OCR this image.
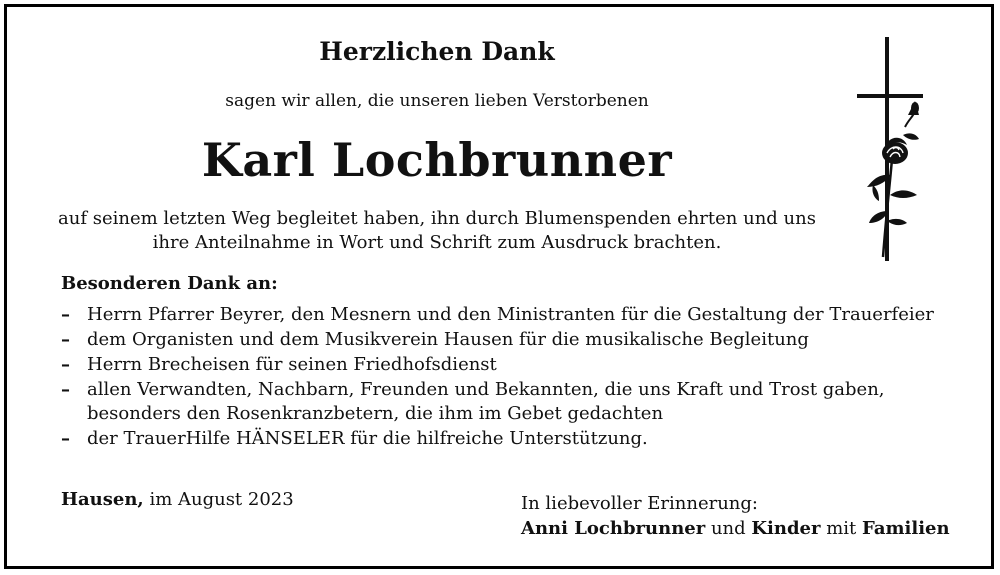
Herzlichen Dank
sagen wir allen, die unseren lieben Verstorbenen
Karl Lochbrunner
auf seinem letzten Weg begleitet haben, ihn durch Blumenspenden ehrten und uns
ihre Anteilnahme in Wort und Schrift zum Ausdruck brachten.
Besonderen Dank an:
– Herrn Pfarrer Beyrer, den Mesnern und den Ministranten für die Gestaltung der Trauerfeier
– dem Organisten und dem Musikverein Hausen für die musikalische Begleitung
– Herrn Brecheisen für seinen Friedhofsdienst
– allen Verwandten, Nachbarn, Freunden und Bekannten, die uns Kraft und Trost gaben,
besonders den Rosenkranzbetern, die ihm im Gebet gedachten
– der TrauerHilfe HÄNSELER für die hilfreiche Unterstützung.
Hausen, im August 2023	In liebevoller Erinnerung:
Anni Lochbrunner und Kinder mit Familien
